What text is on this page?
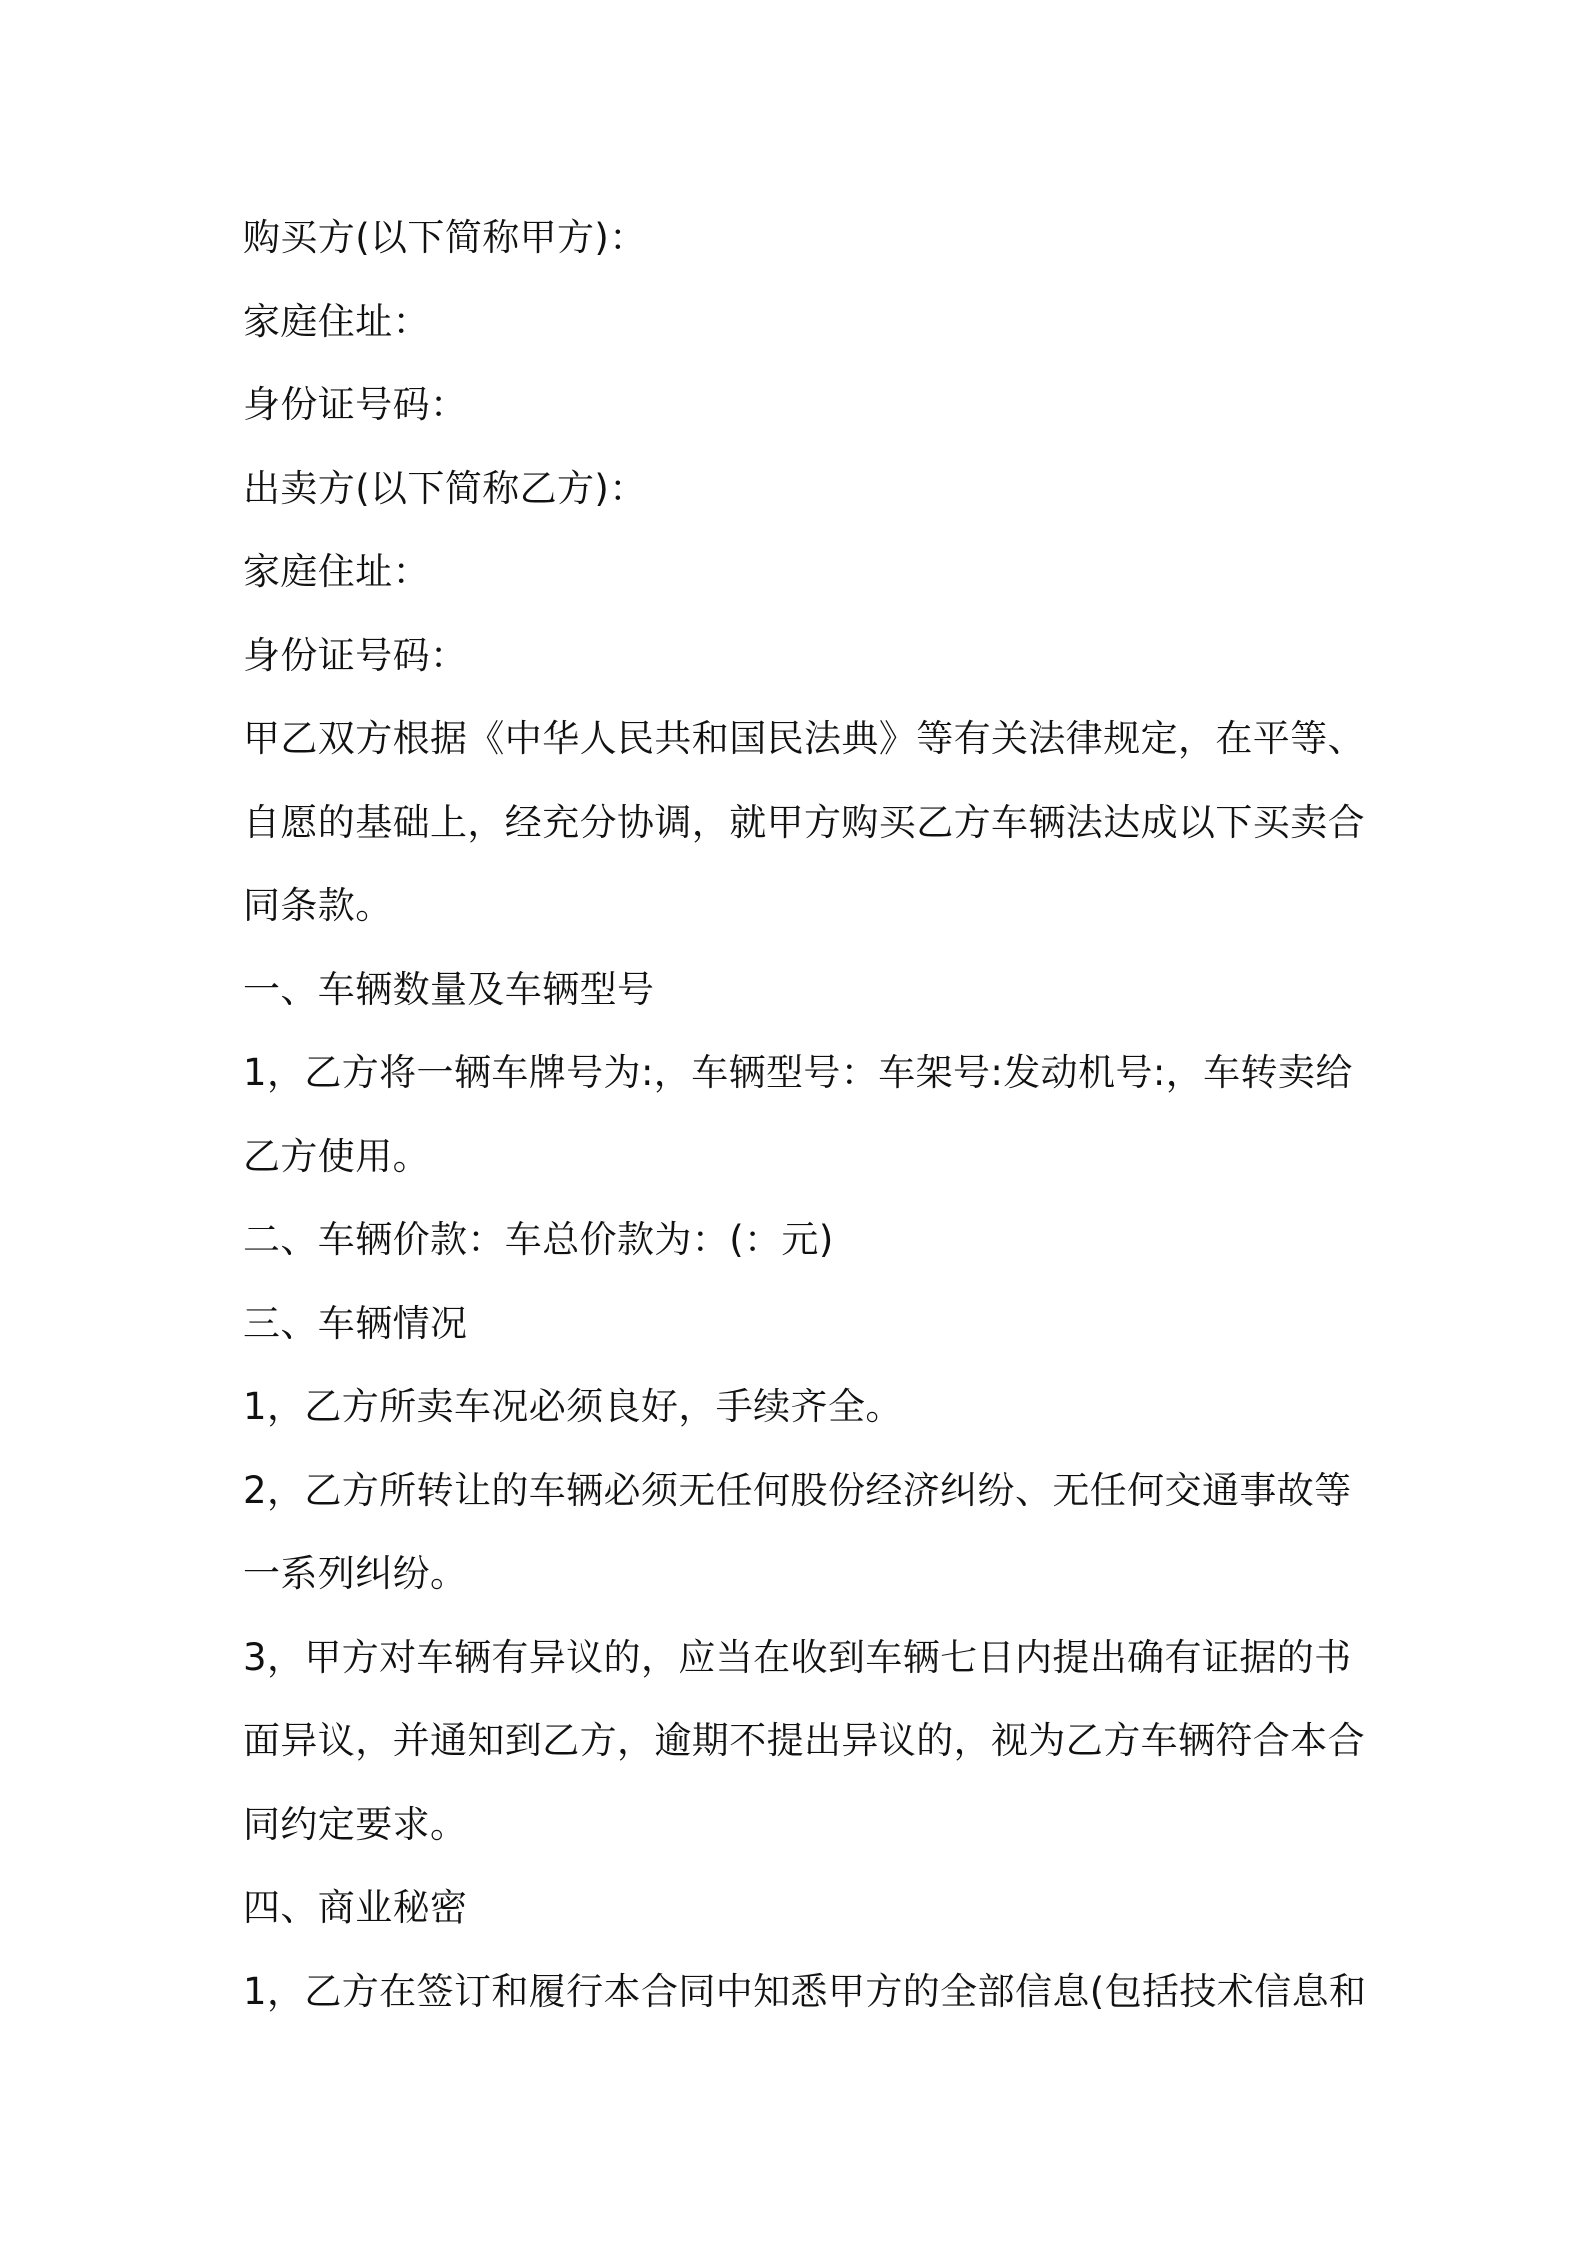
购买方(以下简称甲方)：
家庭住址：
身份证号码：
出卖方(以下简称乙方)：
家庭住址：
身份证号码：
甲乙双方根据《中华人民共和国民法典》等有关法律规定，在平等、
自愿的基础上，经充分协调，就甲方购买乙方车辆法达成以下买卖合
同条款。
一、车辆数量及车辆型号
1，乙方将一辆车牌号为:，车辆型号：车架号:发动机号:，车转卖给
乙方使用。
二、车辆价款：车总价款为：(：元)
三、车辆情况
1，乙方所卖车况必须良好，手续齐全。
2，乙方所转让的车辆必须无任何股份经济纠纷、无任何交通事故等
一系列纠纷。
3，甲方对车辆有异议的，应当在收到车辆七日内提出确有证据的书
面异议，并通知到乙方，逾期不提出异议的，视为乙方车辆符合本合
同约定要求。
四、商业秘密
1，乙方在签订和履行本合同中知悉甲方的全部信息(包括技术信息和
